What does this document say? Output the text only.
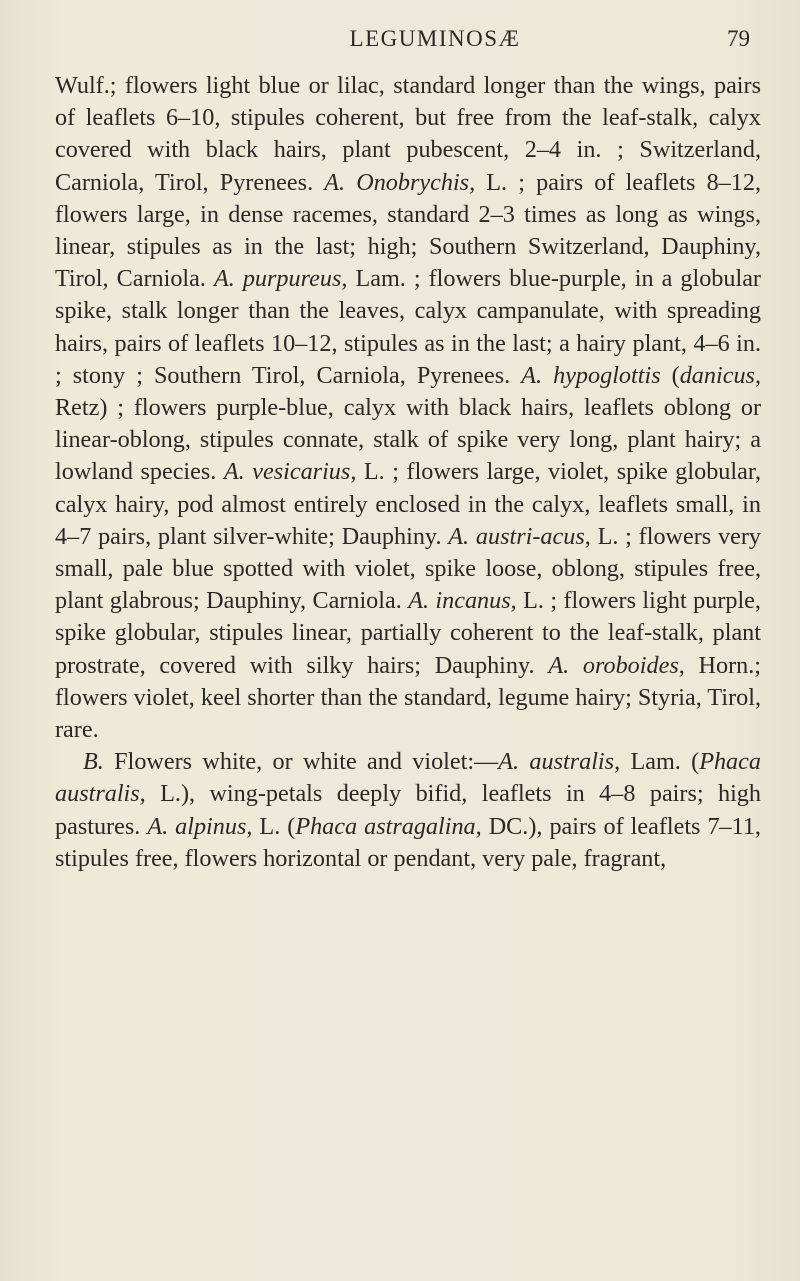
LEGUMINOSÆ	79

Wulf.; flowers light blue or lilac, standard longer than the wings, pairs of leaflets 6–10, stipules coherent, but free from the leaf-stalk, calyx covered with black hairs, plant pubescent, 2–4 in. ; Switzerland, Carniola, Tirol, Pyrenees. A. Onobrychis, L. ; pairs of leaflets 8–12, flowers large, in dense racemes, standard 2–3 times as long as wings, linear, stipules as in the last; high; Southern Switzerland, Dauphiny, Tirol, Carniola. A. purpureus, Lam. ; flowers blue-purple, in a globular spike, stalk longer than the leaves, calyx campanulate, with spreading hairs, pairs of leaflets 10–12, stipules as in the last; a hairy plant, 4–6 in. ; stony ; Southern Tirol, Carniola, Pyrenees. A. hypoglottis (danicus, Retz) ; flowers purple-blue, calyx with black hairs, leaflets oblong or linear-oblong, stipules connate, stalk of spike very long, plant hairy; a lowland species. A. vesicarius, L. ; flowers large, violet, spike globular, calyx hairy, pod almost entirely enclosed in the calyx, leaflets small, in 4–7 pairs, plant silver-white; Dauphiny. A. austri-acus, L. ; flowers very small, pale blue spotted with violet, spike loose, oblong, stipules free, plant glabrous; Dauphiny, Carniola. A. incanus, L. ; flowers light purple, spike globular, stipules linear, partially coherent to the leaf-stalk, plant prostrate, covered with silky hairs; Dauphiny. A. oroboides, Horn.; flowers violet, keel shorter than the standard, legume hairy; Styria, Tirol, rare.

B. Flowers white, or white and violet:—A. australis, Lam. (Phaca australis, L.), wing-petals deeply bifid, leaflets in 4–8 pairs; high pastures. A. alpinus, L. (Phaca astragalina, DC.), pairs of leaflets 7–11, stipules free, flowers horizontal or pendant, very pale, fragrant,
